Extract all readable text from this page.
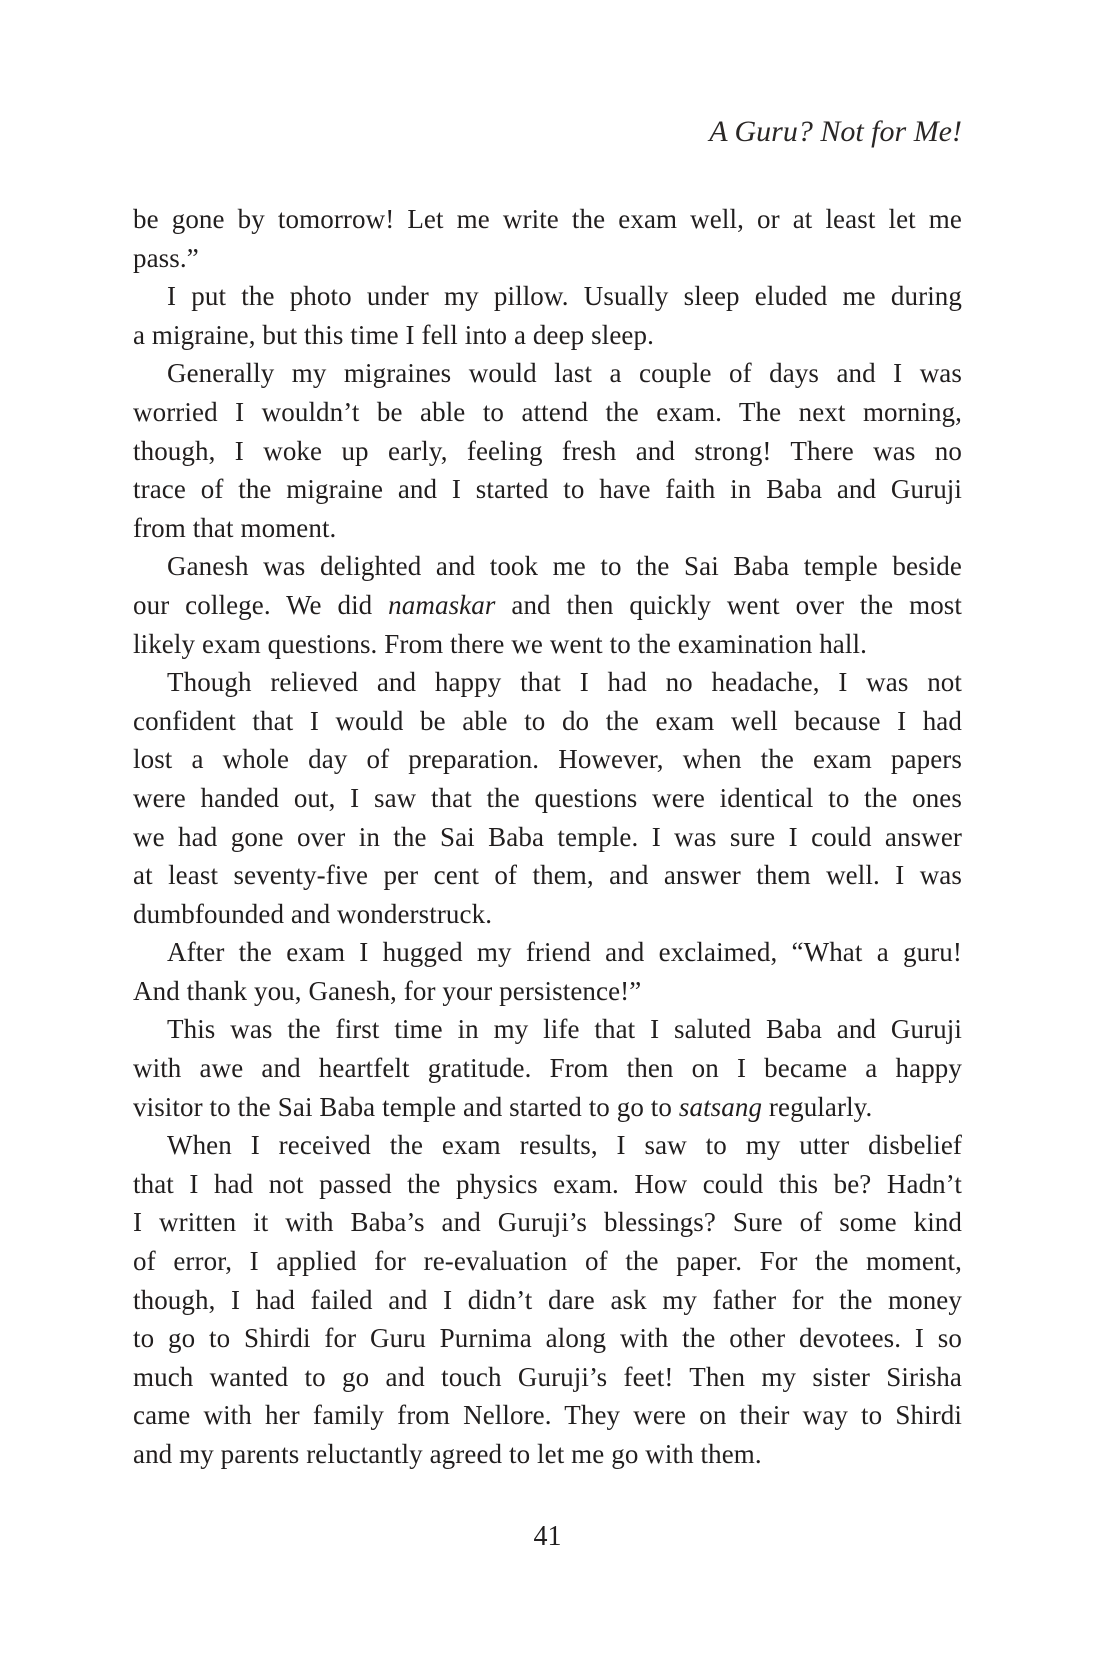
A Guru? Not for Me!
be gone by tomorrow! Let me write the exam well, or at least let me
pass.”
I put the photo under my pillow. Usually sleep eluded me during
a migraine, but this time I fell into a deep sleep.
Generally my migraines would last a couple of days and I was
worried I wouldn’t be able to attend the exam. The next morning,
though, I woke up early, feeling fresh and strong! There was no
trace of the migraine and I started to have faith in Baba and Guruji
from that moment.
Ganesh was delighted and took me to the Sai Baba temple beside
our college. We did namaskar and then quickly went over the most
likely exam questions. From there we went to the examination hall.
Though relieved and happy that I had no headache, I was not
confident that I would be able to do the exam well because I had
lost a whole day of preparation. However, when the exam papers
were handed out, I saw that the questions were identical to the ones
we had gone over in the Sai Baba temple. I was sure I could answer
at least seventy-five per cent of them, and answer them well. I was
dumbfounded and wonderstruck.
After the exam I hugged my friend and exclaimed, “What a guru!
And thank you, Ganesh, for your persistence!”
This was the first time in my life that I saluted Baba and Guruji
with awe and heartfelt gratitude. From then on I became a happy
visitor to the Sai Baba temple and started to go to satsang regularly.
When I received the exam results, I saw to my utter disbelief
that I had not passed the physics exam. How could this be? Hadn’t
I written it with Baba’s and Guruji’s blessings? Sure of some kind
of error, I applied for re-evaluation of the paper. For the moment,
though, I had failed and I didn’t dare ask my father for the money
to go to Shirdi for Guru Purnima along with the other devotees. I so
much wanted to go and touch Guruji’s feet! Then my sister Sirisha
came with her family from Nellore. They were on their way to Shirdi
and my parents reluctantly agreed to let me go with them.
41
